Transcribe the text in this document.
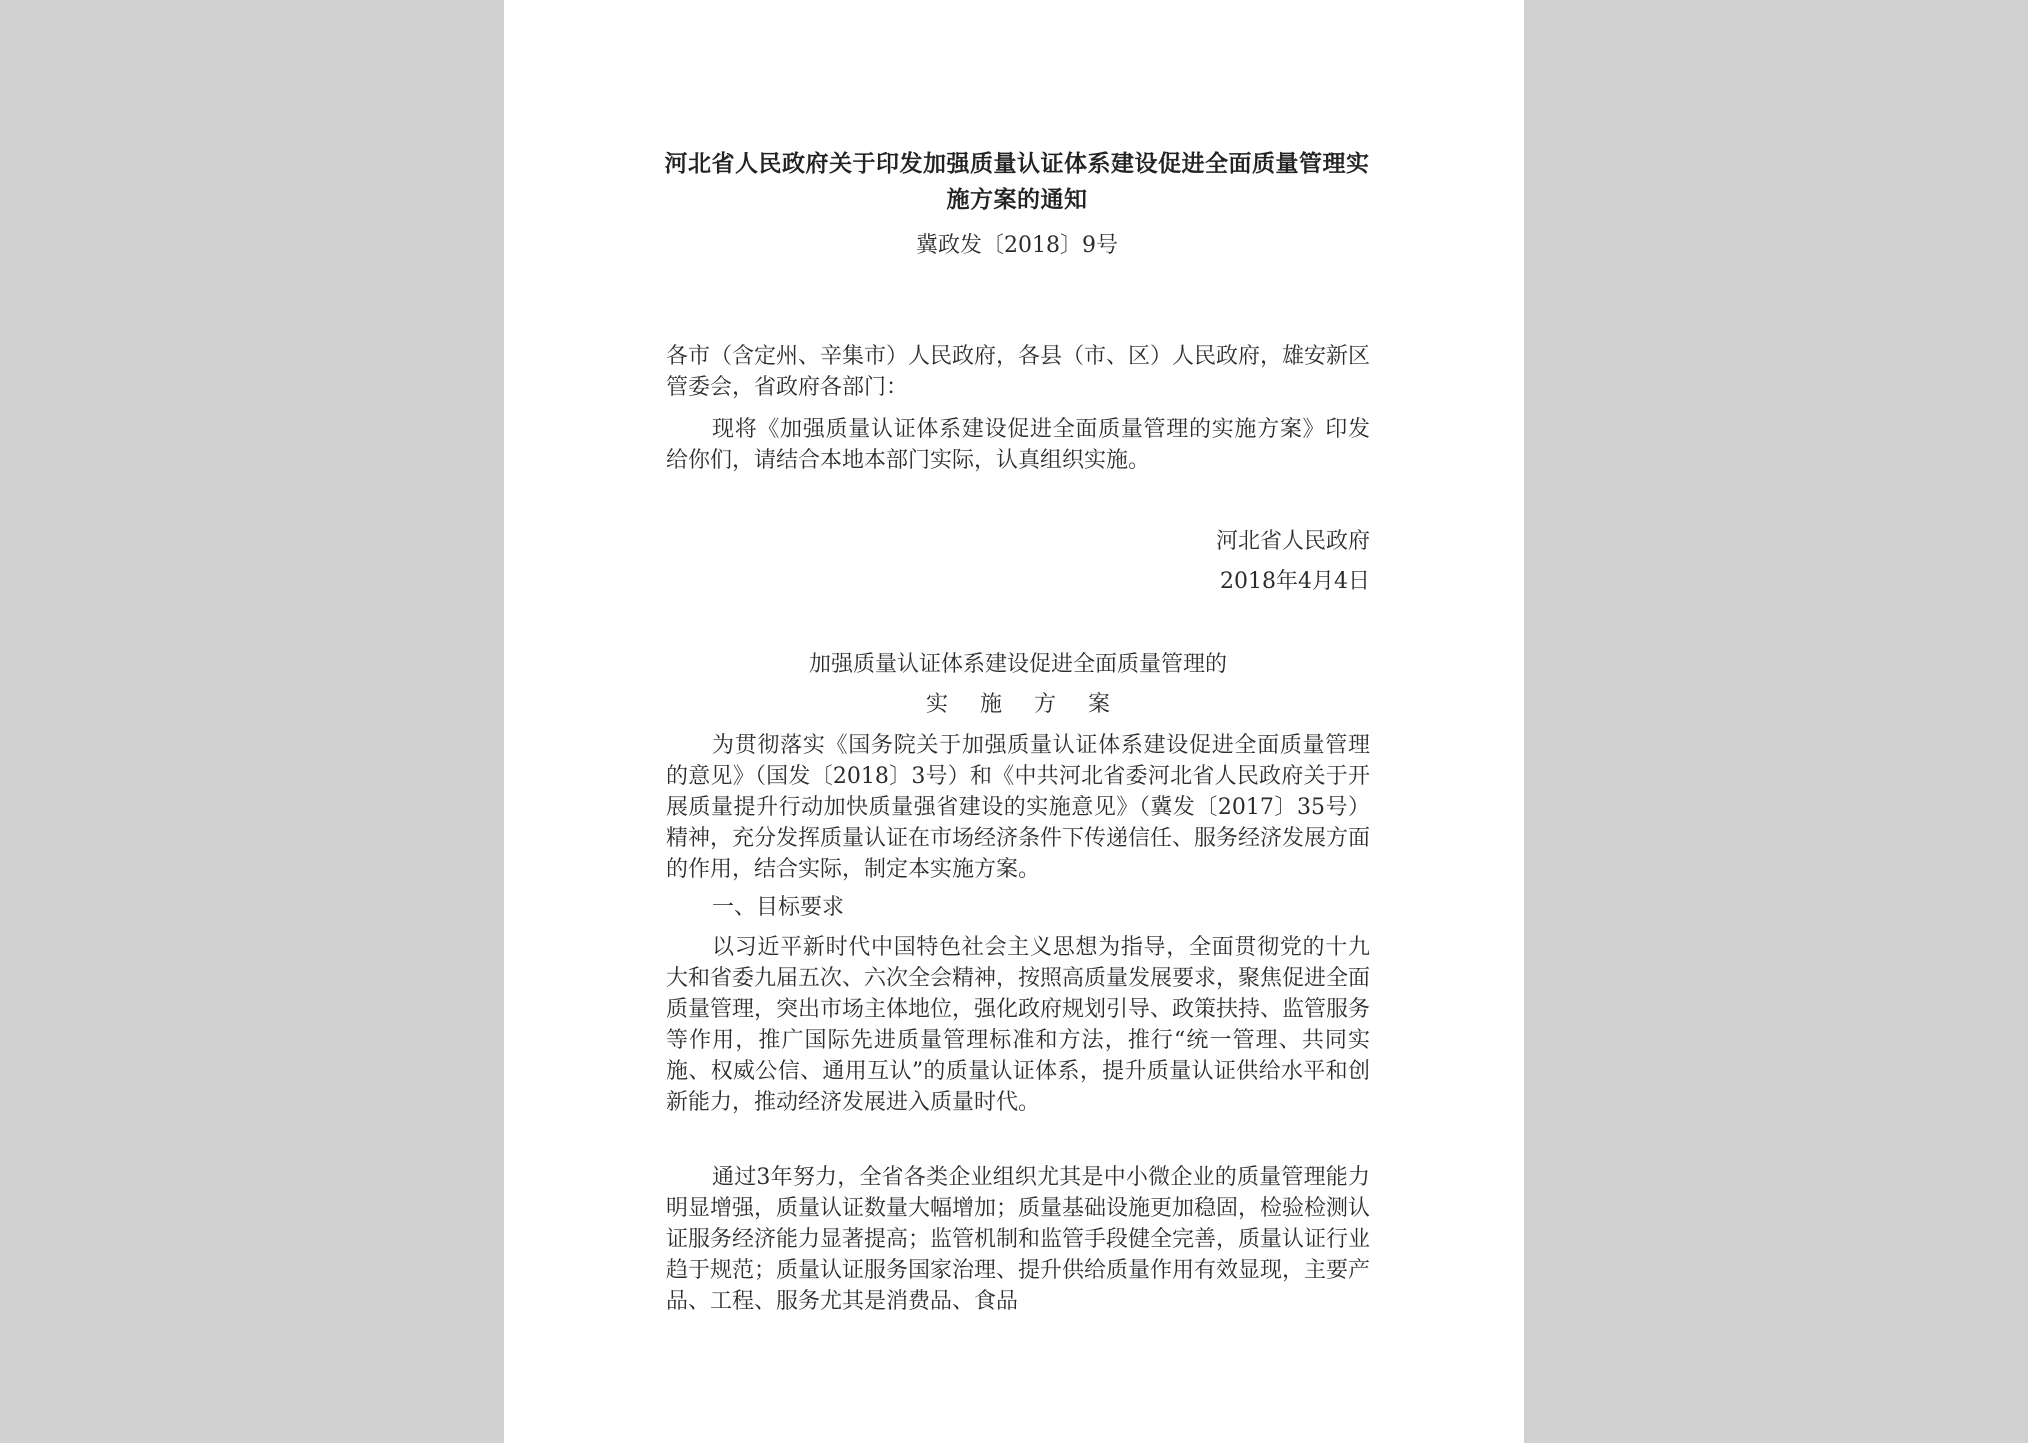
河北省人民政府关于印发加强质量认证体系建设促进全面质量管理实施方案的通知
冀政发〔2018〕9号

各市（含定州、辛集市）人民政府，各县（市、区）人民政府，雄安新区管委会，省政府各部门：

现将《加强质量认证体系建设促进全面质量管理的实施方案》印发给你们，请结合本地本部门实际，认真组织实施。

河北省人民政府
2018年4月4日
加强质量认证体系建设促进全面质量管理的
实施方案

为贯彻落实《国务院关于加强质量认证体系建设促进全面质量管理的意见》（国发〔2018〕3号）和《中共河北省委河北省人民政府关于开展质量提升行动加快质量强省建设的实施意见》（冀发〔2017〕35号）精神，充分发挥质量认证在市场经济条件下传递信任、服务经济发展方面的作用，结合实际，制定本实施方案。

一、目标要求

以习近平新时代中国特色社会主义思想为指导，全面贯彻党的十九大和省委九届五次、六次全会精神，按照高质量发展要求，聚焦促进全面质量管理，突出市场主体地位，强化政府规划引导、政策扶持、监管服务等作用，推广国际先进质量管理标准和方法，推行“统一管理、共同实施、权威公信、通用互认”的质量认证体系，提升质量认证供给水平和创新能力，推动经济发展进入质量时代。

通过3年努力，全省各类企业组织尤其是中小微企业的质量管理能力明显增强，质量认证数量大幅增加；质量基础设施更加稳固，检验检测认证服务经济能力显著提高；监管机制和监管手段健全完善，质量认证行业趋于规范；质量认证服务国家治理、提升供给质量作用有效显现，主要产品、工程、服务尤其是消费品、食品
